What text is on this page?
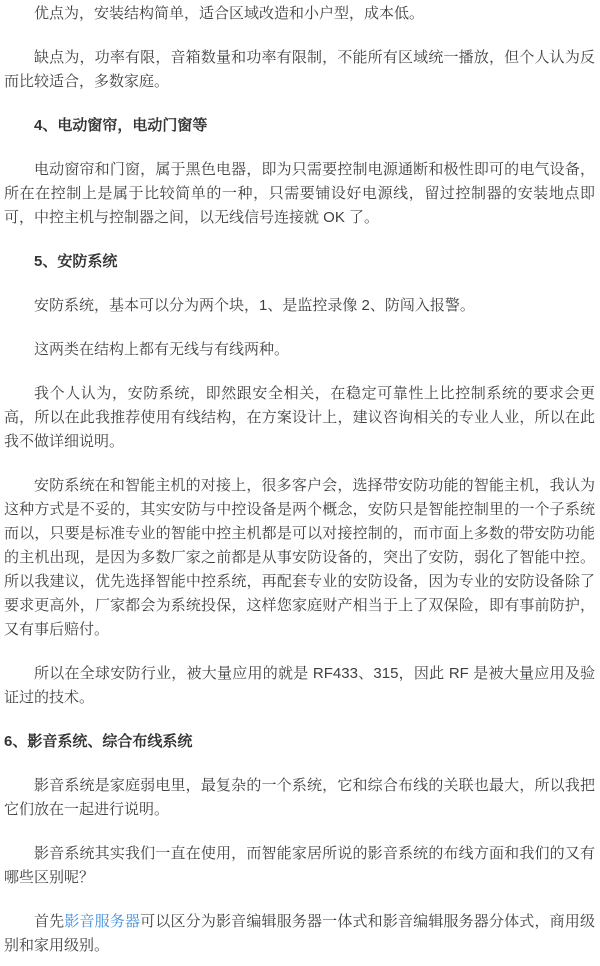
优点为，安装结构简单，适合区域改造和小户型，成本低。

缺点为，功率有限，音箱数量和功率有限制，不能所有区域统一播放，但个人认为反而比较适合，多数家庭。

4、电动窗帘，电动门窗等

电动窗帘和门窗，属于黑色电器，即为只需要控制电源通断和极性即可的电气设备，所在在控制上是属于比较简单的一种，只需要铺设好电源线，留过控制器的安装地点即可，中控主机与控制器之间，以无线信号连接就 OK 了。

5、安防系统

安防系统，基本可以分为两个块，1、是监控录像 2、防闯入报警。

这两类在结构上都有无线与有线两种。

我个人认为，安防系统，即然跟安全相关，在稳定可靠性上比控制系统的要求会更高，所以在此我推荐使用有线结构，在方案设计上，建议咨询相关的专业人业，所以在此我不做详细说明。

安防系统在和智能主机的对接上，很多客户会，选择带安防功能的智能主机，我认为这种方式是不妥的，其实安防与中控设备是两个概念，安防只是智能控制里的一个子系统而以，只要是标准专业的智能中控主机都是可以对接控制的，而市面上多数的带安防功能的主机出现，是因为多数厂家之前都是从事安防设备的，突出了安防，弱化了智能中控。所以我建议，优先选择智能中控系统，再配套专业的安防设备，因为专业的安防设备除了要求更高外，厂家都会为系统投保，这样您家庭财产相当于上了双保险，即有事前防护，又有事后赔付。

所以在全球安防行业，被大量应用的就是 RF433、315，因此 RF 是被大量应用及验证过的技术。

6、影音系统、综合布线系统

影音系统是家庭弱电里，最复杂的一个系统，它和综合布线的关联也最大，所以我把它们放在一起进行说明。

影音系统其实我们一直在使用，而智能家居所说的影音系统的布线方面和我们的又有哪些区别呢？

首先影音服务器可以区分为影音编辑服务器一体式和影音编辑服务器分体式，商用级别和家用级别。
